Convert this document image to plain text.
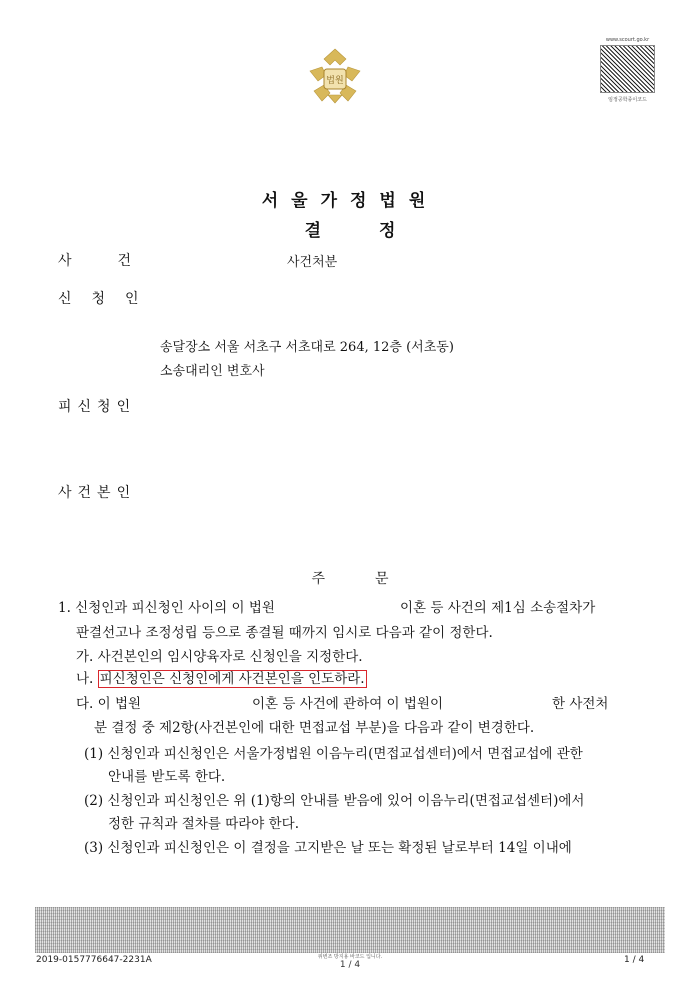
법원
www.scourt.go.kr
임정공학종이코드
서울가정법원
결정
사건	사건처분
신청인
송달장소 서울 서초구 서초대로 264, 12층 (서초동)
소송대리인 변호사
피신청인
사건본인
주문
1. 신청인과 피신청인 사이의 이 법원	이혼 등 사건의 제1심 소송절차가
판결선고나 조정성립 등으로 종결될 때까지 임시로 다음과 같이 정한다.
가. 사건본인의 임시양육자로 신청인을 지정한다.
나. 피신청인은 신청인에게 사건본인을 인도하라.
다. 이 법원	이혼 등 사건에 관하여 이 법원이	한 사전처
분 결정 중 제2항(사건본인에 대한 면접교섭 부분)을 다음과 같이 변경한다.
(1) 신청인과 피신청인은 서울가정법원 이음누리(면접교섭센터)에서 면접교섭에 관한
안내를 받도록 한다.
(2) 신청인과 피신청인은 위 (1)항의 안내를 받음에 있어 이음누리(면접교섭센터)에서
정한 규칙과 절차를 따라야 한다.
(3) 신청인과 피신청인은 이 결정을 고지받은 날 또는 확정된 날로부터 14일 이내에
2019-0157776647-2231A	위변조 방지용 바코드 입니다.
1 / 4	1 / 4
